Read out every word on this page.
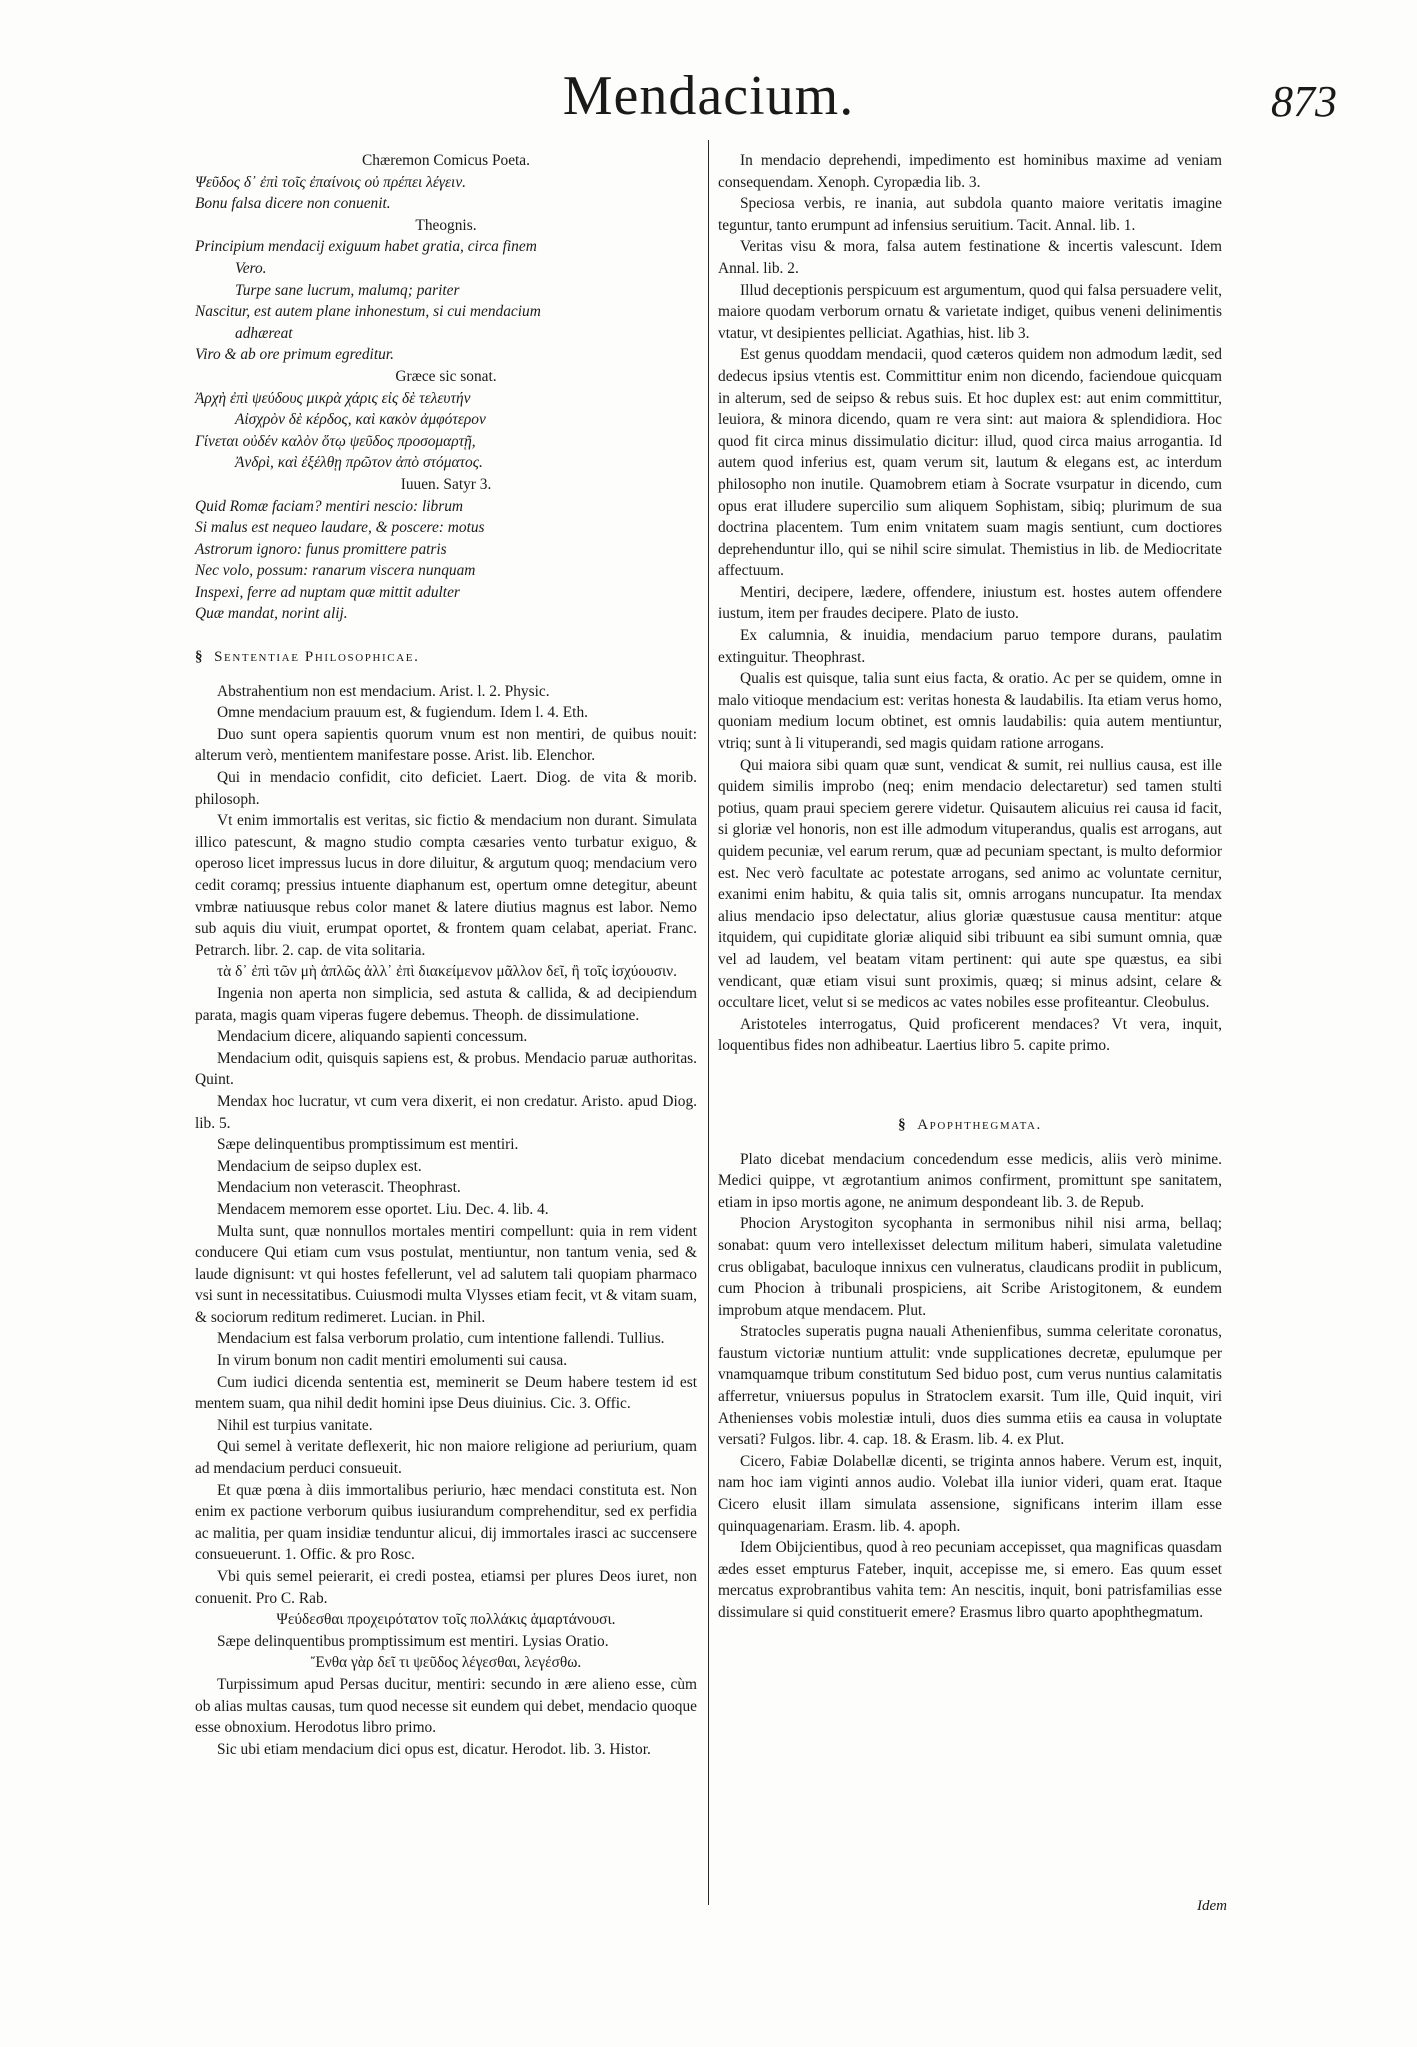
Mendacium.	873

Chæremon Comicus Poeta.

Ψεῦδος δ᾿ ἐπὶ τοῖς ἐπαίνοις οὐ πρέπει λέγειν.

Bonu falsa dicere non conuenit.

Theognis.

Principium mendacij exiguum habet gratia, circa finem

Vero.

Turpe sane lucrum, malumq; pariter

Nascitur, est autem plane inhonestum, si cui mendacium

adhæreat

Viro & ab ore primum egreditur.

Græce sic sonat.

Ἀρχὴ ἐπὶ ψεύδους μικρὰ χάρις εἰς δὲ τελευτήν

Αἰσχρὸν δὲ κέρδος, καὶ κακὸν ἀμφότερον

Γίνεται οὐδέν καλὸν ὅτῳ ψεῦδος προσομαρτῇ,

Ἀνδρὶ, καὶ ἐξέλθῃ πρῶτον ἀπὸ στόματος.

Iuuen. Satyr 3.

Quid Romæ faciam? mentiri nescio: librum

Si malus est nequeo laudare, & poscere: motus

Astrorum ignoro: funus promittere patris

Nec volo, possum: ranarum viscera nunquam

Inspexi, ferre ad nuptam quæ mittit adulter

Quæ mandat, norint alij.

§ Sententiae Philosophicae.

Abstrahentium non est mendacium. Arist. l. 2. Physic.

Omne mendacium prauum est, & fugiendum. Idem l. 4. Eth.

Duo sunt opera sapientis quorum vnum est non mentiri, de quibus nouit: alterum verò, mentientem manifestare posse. Arist. lib. Elenchor.

Qui in mendacio confidit, cito deficiet. Laert. Diog. de vita & morib. philosoph.

Vt enim immortalis est veritas, sic fictio & mendacium non durant. Simulata illico patescunt, & magno studio compta cæsaries vento turbatur exiguo, & operoso licet impressus lucus in dore diluitur, & argutum quoq; mendacium vero cedit coramq; pressius intuente diaphanum est, opertum omne detegitur, abeunt vmbræ natiuusque rebus color manet & latere diutius magnus est labor. Nemo sub aquis diu viuit, erumpat oportet, & frontem quam celabat, aperiat. Franc. Petrarch. libr. 2. cap. de vita solitaria.

τὰ δ᾿ ἐπὶ τῶν μὴ ἀπλῶς ἀλλ᾿ ἐπὶ διακείμενον μᾶλλον δεῖ, ἢ τοῖς ἰσχύουσιν.

Ingenia non aperta non simplicia, sed astuta & callida, & ad decipiendum parata, magis quam viperas fugere debemus. Theoph. de dissimulatione.

Mendacium dicere, aliquando sapienti concessum.

Mendacium odit, quisquis sapiens est, & probus. Mendacio paruæ authoritas. Quint.

Mendax hoc lucratur, vt cum vera dixerit, ei non credatur. Aristo. apud Diog. lib. 5.

Sæpe delinquentibus promptissimum est mentiri.

Mendacium de seipso duplex est.

Mendacium non veterascit. Theophrast.

Mendacem memorem esse oportet. Liu. Dec. 4. lib. 4.

Multa sunt, quæ nonnullos mortales mentiri compellunt: quia in rem vident conducere Qui etiam cum vsus postulat, mentiuntur, non tantum venia, sed & laude dignisunt: vt qui hostes fefellerunt, vel ad salutem tali quopiam pharmaco vsi sunt in necessitatibus. Cuiusmodi multa Vlysses etiam fecit, vt & vitam suam, & sociorum reditum redimeret. Lucian. in Phil.

Mendacium est falsa verborum prolatio, cum intentione fallendi. Tullius.

In virum bonum non cadit mentiri emolumenti sui causa.

Cum iudici dicenda sententia est, meminerit se Deum habere testem id est mentem suam, qua nihil dedit homini ipse Deus diuinius. Cic. 3. Offic.

Nihil est turpius vanitate.

Qui semel à veritate deflexerit, hic non maiore religione ad periurium, quam ad mendacium perduci consueuit.

Et quæ pœna à diis immortalibus periurio, hæc mendaci constituta est. Non enim ex pactione verborum quibus iusiurandum comprehenditur, sed ex perfidia ac malitia, per quam insidiæ tenduntur alicui, dij immortales irasci ac succensere consueuerunt. 1. Offic. & pro Rosc.

Vbi quis semel peierarit, ei credi postea, etiamsi per plures Deos iuret, non conuenit. Pro C. Rab.

Ψεύδεσθαι προχειρότατον τοῖς πολλάκις ἁμαρτάνουσι.

Sæpe delinquentibus promptissimum est mentiri. Lysias Oratio.

Ἔνθα γὰρ δεῖ τι ψεῦδος λέγεσθαι, λεγέσθω.

Turpissimum apud Persas ducitur, mentiri: secundo in ære alieno esse, cùm ob alias multas causas, tum quod necesse sit eundem qui debet, mendacio quoque esse obnoxium. Herodotus libro primo.

Sic ubi etiam mendacium dici opus est, dicatur. Herodot. lib. 3. Histor.

In mendacio deprehendi, impedimento est hominibus maxime ad veniam consequendam. Xenoph. Cyropædia lib. 3.

Speciosa verbis, re inania, aut subdola quanto maiore veritatis imagine teguntur, tanto erumpunt ad infensius seruitium. Tacit. Annal. lib. 1.

Veritas visu & mora, falsa autem festinatione & incertis valescunt. Idem Annal. lib. 2.

Illud deceptionis perspicuum est argumentum, quod qui falsa persuadere velit, maiore quodam verborum ornatu & varietate indiget, quibus veneni delinimentis vtatur, vt desipientes pelliciat. Agathias, hist. lib 3.

Est genus quoddam mendacii, quod cæteros quidem non admodum lædit, sed dedecus ipsius vtentis est. Committitur enim non dicendo, faciendoue quicquam in alterum, sed de seipso & rebus suis. Et hoc duplex est: aut enim committitur, leuiora, & minora dicendo, quam re vera sint: aut maiora & splendidiora. Hoc quod fit circa minus dissimulatio dicitur: illud, quod circa maius arrogantia. Id autem quod inferius est, quam verum sit, lautum & elegans est, ac interdum philosopho non inutile. Quamobrem etiam à Socrate vsurpatur in dicendo, cum opus erat illudere supercilio sum aliquem Sophistam, sibiq; plurimum de sua doctrina placentem. Tum enim vnitatem suam magis sentiunt, cum doctiores deprehenduntur illo, qui se nihil scire simulat. Themistius in lib. de Mediocritate affectuum.

Mentiri, decipere, lædere, offendere, iniustum est. hostes autem offendere iustum, item per fraudes decipere. Plato de iusto.

Ex calumnia, & inuidia, mendacium paruo tempore durans, paulatim extinguitur. Theophrast.

Qualis est quisque, talia sunt eius facta, & oratio. Ac per se quidem, omne in malo vitioque mendacium est: veritas honesta & laudabilis. Ita etiam verus homo, quoniam medium locum obtinet, est omnis laudabilis: quia autem mentiuntur, vtriq; sunt à li vituperandi, sed magis quidam ratione arrogans.

Qui maiora sibi quam quæ sunt, vendicat & sumit, rei nullius causa, est ille quidem similis improbo (neq; enim mendacio delectaretur) sed tamen stulti potius, quam praui speciem gerere videtur. Quisautem alicuius rei causa id facit, si gloriæ vel honoris, non est ille admodum vituperandus, qualis est arrogans, aut quidem pecuniæ, vel earum rerum, quæ ad pecuniam spectant, is multo deformior est. Nec verò facultate ac potestate arrogans, sed animo ac voluntate cernitur, exanimi enim habitu, & quia talis sit, omnis arrogans nuncupatur. Ita mendax alius mendacio ipso delectatur, alius gloriæ quæstusue causa mentitur: atque itquidem, qui cupiditate gloriæ aliquid sibi tribuunt ea sibi sumunt omnia, quæ vel ad laudem, vel beatam vitam pertinent: qui aute spe quæstus, ea sibi vendicant, quæ etiam visui sunt proximis, quæq; si minus adsint, celare & occultare licet, velut si se medicos ac vates nobiles esse profiteantur. Cleobulus.

Aristoteles interrogatus, Quid proficerent mendaces? Vt vera, inquit, loquentibus fides non adhibeatur. Laertius libro 5. capite primo.

§ Apophthegmata.

Plato dicebat mendacium concedendum esse medicis, aliis verò minime. Medici quippe, vt ægrotantium animos confirment, promittunt spe sanitatem, etiam in ipso mortis agone, ne animum despondeant lib. 3. de Repub.

Phocion Arystogiton sycophanta in sermonibus nihil nisi arma, bellaq; sonabat: quum vero intellexisset delectum militum haberi, simulata valetudine crus obligabat, baculoque innixus cen vulneratus, claudicans prodiit in publicum, cum Phocion à tribunali prospiciens, ait Scribe Aristogitonem, & eundem improbum atque mendacem. Plut.

Stratocles superatis pugna nauali Athenienfibus, summa celeritate coronatus, faustum victoriæ nuntium attulit: vnde supplicationes decretæ, epulumque per vnamquamque tribum constitutum Sed biduo post, cum verus nuntius calamitatis afferretur, vniuersus populus in Stratoclem exarsit. Tum ille, Quid inquit, viri Athenienses vobis molestiæ intuli, duos dies summa etiis ea causa in voluptate versati? Fulgos. libr. 4. cap. 18. & Erasm. lib. 4. ex Plut.

Cicero, Fabiæ Dolabellæ dicenti, se triginta annos habere. Verum est, inquit, nam hoc iam viginti annos audio. Volebat illa iunior videri, quam erat. Itaque Cicero elusit illam simulata assensione, significans interim illam esse quinquagenariam. Erasm. lib. 4. apoph.

Idem Obijcientibus, quod à reo pecuniam accepisset, qua magnificas quasdam ædes esset empturus Fateber, inquit, accepisse me, si emero. Eas quum esset mercatus exprobrantibus vahita tem: An nescitis, inquit, boni patrisfamilias esse dissimulare si quid constituerit emere? Erasmus libro quarto apophthegmatum.

Idem
